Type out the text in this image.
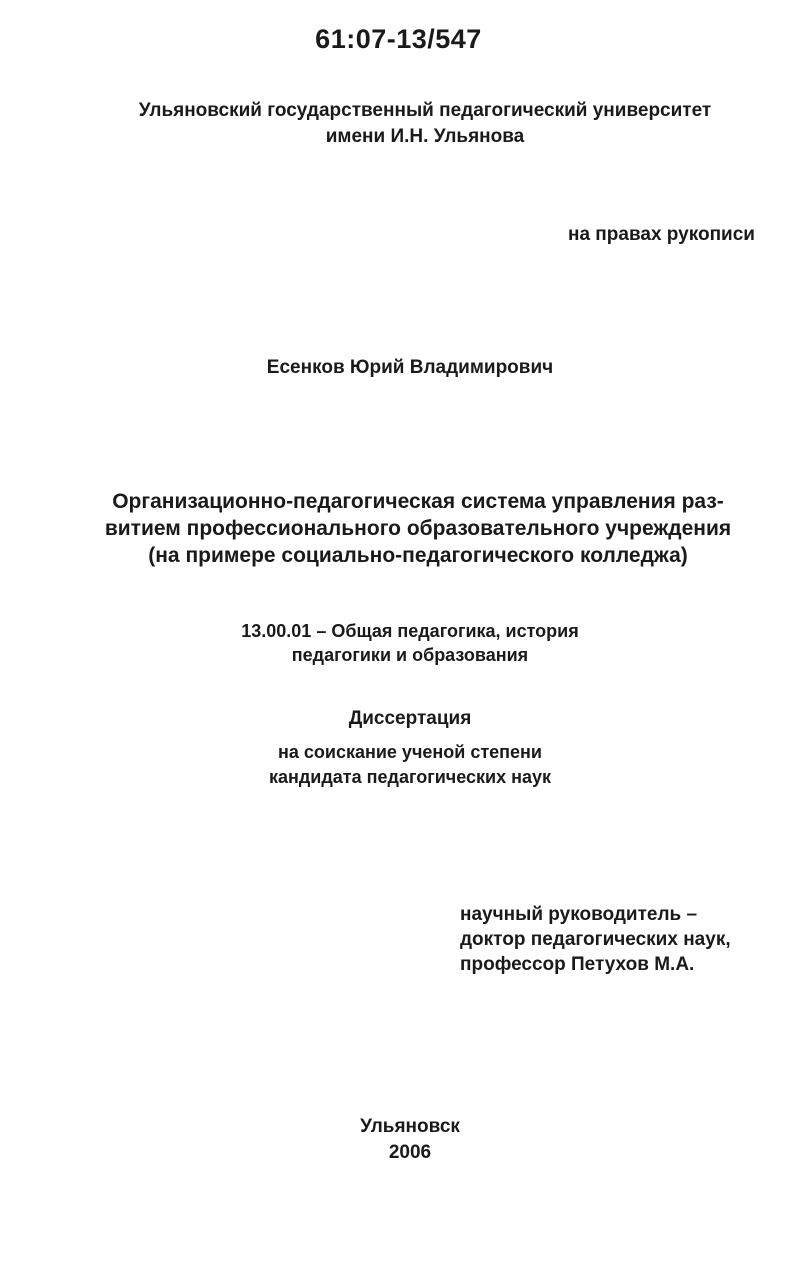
61:07-13/547
Ульяновский государственный педагогический университет
имени И.Н. Ульянова
на правах рукописи
Есенков Юрий Владимирович
Организационно-педагогическая система управления раз-
витием профессионального образовательного учреждения
(на примере социально-педагогического колледжа)
13.00.01 – Общая педагогика, история
педагогики и образования
Диссертация
на соискание ученой степени
кандидата педагогических наук
научный руководитель –
доктор педагогических наук,
профессор Петухов М.А.
Ульяновск
2006
